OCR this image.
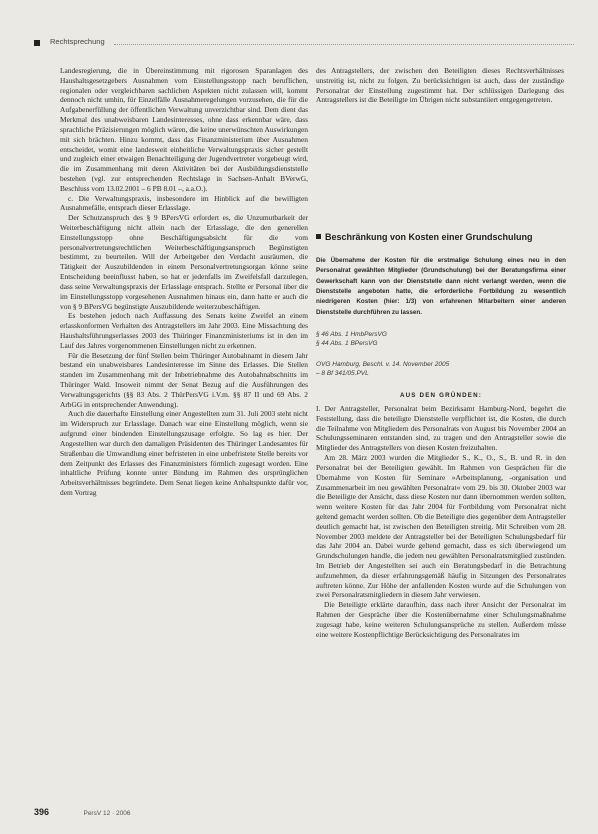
Rechtsprechung

Landesregierung, die in Übereinstimmung mit rigorosen Sparanlagen des Haushaltsgesetzgebers Ausnahmen vom Einstellungsstopp nach beruflichen, regionalen oder vergleichbaren sachlichen Aspekten nicht zulassen will, kommt dennoch nicht umhin, für Einzelfälle Ausnahmeregelungen vorzusehen, die für die Aufgabenerfüllung der öffentlichen Verwaltung unverzichtbar sind. Dem dient das Merkmal des unabweisbaren Landesinteresses, ohne dass erkennbar wäre, dass sprachliche Präzisierungen möglich wären, die keine unerwünschten Auswirkungen mit sich brächten. Hinzu kommt, dass das Finanzministerium über Ausnahmen entscheidet, womit eine landesweit einheitliche Verwaltungspraxis sicher gestellt und zugleich einer etwaigen Benachteiligung der Jugendvertreter vorgebeugt wird, die im Zusammenhang mit deren Aktivitäten bei der Ausbildungsdienststelle bestehen (vgl. zur entsprechenden Rechtslage in Sachsen-Anhalt BVerwG, Beschluss vom 13.02.2001 – 6 PB 8.01 –, a.a.O.).

c. Die Verwaltungspraxis, insbesondere im Hinblick auf die bewilligten Ausnahmefälle, entsprach dieser Erlasslage.

Der Schutzanspruch des § 9 BPersVG erfordert es, die Unzumutbarkeit der Weiterbeschäftigung nicht allein nach der Erlasslage, die den generellen Einstellungsstopp ohne Beschäftigungsabsicht für die vom personalvertretungsrechtlichen Weiterbeschäftigungsanspruch Begünstigten bestimmt, zu beurteilen. Will der Arbeitgeber den Verdacht ausräumen, die Tätigkeit der Auszubildenden in einem Personalvertretungsorgan könne seine Entscheidung beeinflusst haben, so hat er jedenfalls im Zweifelsfall darzulegen, dass seine Verwaltungspraxis der Erlasslage entsprach. Stellte er Personal über die im Einstellungsstopp vorgesehenen Ausnahmen hinaus ein, dann hatte er auch die von § 9 BPersVG begünstigte Auszubildende weiterzubeschäftigen.

Es bestehen jedoch nach Auffassung des Senats keine Zweifel an einem erlasskonformen Verhalten des Antragstellers im Jahr 2003. Eine Missachtung des Haushaltsführungserlasses 2003 des Thüringer Finanzministeriums ist in den im Lauf des Jahres vorgenommenen Einstellungen nicht zu erkennen.

Für die Besetzung der fünf Stellen beim Thüringer Autobahnamt in diesem Jahr bestand ein unabweisbares Landesinteresse im Sinne des Erlasses. Die Stellen standen im Zusammenhang mit der Inbetriebnahme des Autobahnabschnitts im Thüringer Wald. Insoweit nimmt der Senat Bezug auf die Ausführungen des Verwaltungsgerichts (§§ 83 Abs. 2 ThürPersVG i.V.m. §§ 87 II und 69 Abs. 2 ArbGG in entsprechender Anwendung).

Auch die dauerhafte Einstellung einer Angestellten zum 31. Juli 2003 steht nicht im Widerspruch zur Erlasslage. Danach war eine Einstellung möglich, wenn sie aufgrund einer bindenden Einstellungszusage erfolgte. So lag es hier. Der Angestellten war durch den damaligen Präsidenten des Thüringer Landesamtes für Straßenbau die Umwandlung einer befristeten in eine unbefristete Stelle bereits vor dem Zeitpunkt des Erlasses des Finanzministers förmlich zugesagt worden. Eine inhaltliche Prüfung konnte unter Bindung im Rahmen des ursprünglichen Arbeitsverhältnisses begründete. Dem Senat liegen keine Anhaltspunkte dafür vor, dem Vortrag

des Antragstellers, der zwischen den Beteiligten dieses Rechtsverhältnisses unstreitig ist, nicht zu folgen. Zu berücksichtigen ist auch, dass der zuständige Personalrat der Einstellung zugestimmt hat. Der schlüssigen Darlegung des Antragstellers ist die Beteiligte im Übrigen nicht substantiiert entgegengetreten.

Beschränkung von Kosten einer Grundschulung
Die Übernahme der Kosten für die erstmalige Schulung eines neu in den Personalrat gewählten Mitglieder (Grundschulung) bei der Beratungsfirma einer Gewerkschaft kann von der Dienststelle dann nicht verlangt werden, wenn die Dienststelle angeboten hatte, die erforderliche Fortbildung zu wesentlich niedrigeren Kosten (hier: 1/3) von erfahrenen Mitarbeitern einer anderen Dienststelle durchführen zu lassen.
§ 46 Abs. 1 HmbPersVG
§ 44 Abs. 1 BPersVG
OVG Hamburg, Beschl. v. 14. November 2005
– 8 Bf 341/05.PVL
AUS DEN GRÜNDEN:

I. Der Antragsteller, Personalrat beim Bezirksamt Hamburg-Nord, begehrt die Feststellung, dass die beteiligte Dienststelle verpflichtet ist, die Kosten, die durch die Teilnahme von Mitgliedern des Personalrats von August bis November 2004 an Schulungsseminaren entstanden sind, zu tragen und den Antragsteller sowie die Mitglieder des Antragstellers von diesen Kosten freizuhalten.

Am 28. März 2003 wurden die Mitglieder S., K., O., S., B. und R. in den Personalrat bei der Beteiligten gewählt. Im Rahmen von Gesprächen für die Übernahme von Kosten für Seminare »Arbeitsplanung, -organisation und Zusammenarbeit im neu gewählten Personalrat« vom 29. bis 30. Oktober 2003 war die Beteiligte der Ansicht, dass diese Kosten nur dann übernommen werden sollten, wenn weitere Kosten für das Jahr 2004 für Fortbildung vom Personalrat nicht geltend gemacht werden sollten. Ob die Beteiligte dies gegenüber dem Antragsteller deutlich gemacht hat, ist zwischen den Beteiligten streitig. Mit Schreiben vom 28. November 2003 meldete der Antragsteller bei der Beteiligten Schulungsbedarf für das Jahr 2004 an. Dabei wurde geltend gemacht, dass es sich überwiegend um Grundschulungen handle, die jedem neu gewählten Personalratsmitglied zustünden. Im Betrieb der Angestellten sei auch ein Beratungsbedarf in die Betrachtung aufzunehmen, da dieser erfahrungsgemäß häufig in Sitzungen des Personalrates auftreten könne. Zur Höhe der anfallenden Kosten wurde auf die Schulungen von zwei Personalratsmitgliedern in diesem Jahr verwiesen.

Die Beteiligte erklärte daraufhin, dass nach ihrer Ansicht der Personalrat im Rahmen der Gespräche über die Kostenübernahme einer Schulungsmaßnahme zugesagt habe, keine weiteren Schulungsansprüche zu stellen. Außerdem müsse eine weitere Kostenpflichtige Berücksichtigung des Personalrates im

396	PersV 12 · 2006
